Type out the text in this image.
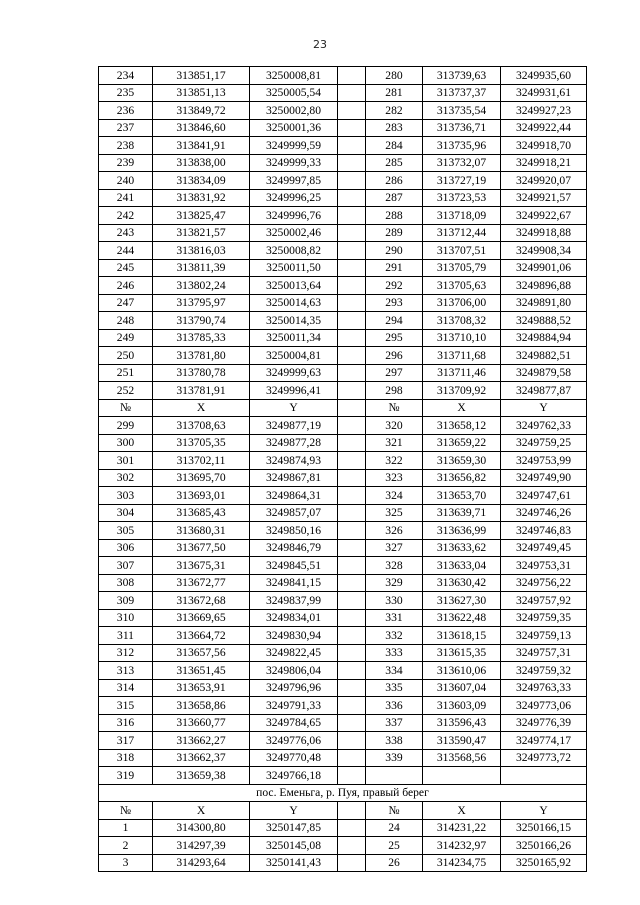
23
234	313851,17	3250008,81		280	313739,63	3249935,60
235	313851,13	3250005,54		281	313737,37	3249931,61
236	313849,72	3250002,80		282	313735,54	3249927,23
237	313846,60	3250001,36		283	313736,71	3249922,44
238	313841,91	3249999,59		284	313735,96	3249918,70
239	313838,00	3249999,33		285	313732,07	3249918,21
240	313834,09	3249997,85		286	313727,19	3249920,07
241	313831,92	3249996,25		287	313723,53	3249921,57
242	313825,47	3249996,76		288	313718,09	3249922,67
243	313821,57	3250002,46		289	313712,44	3249918,88
244	313816,03	3250008,82		290	313707,51	3249908,34
245	313811,39	3250011,50		291	313705,79	3249901,06
246	313802,24	3250013,64		292	313705,63	3249896,88
247	313795,97	3250014,63		293	313706,00	3249891,80
248	313790,74	3250014,35		294	313708,32	3249888,52
249	313785,33	3250011,34		295	313710,10	3249884,94
250	313781,80	3250004,81		296	313711,68	3249882,51
251	313780,78	3249999,63		297	313711,46	3249879,58
252	313781,91	3249996,41		298	313709,92	3249877,87
№	X	Y		№	X	Y
299	313708,63	3249877,19		320	313658,12	3249762,33
300	313705,35	3249877,28		321	313659,22	3249759,25
301	313702,11	3249874,93		322	313659,30	3249753,99
302	313695,70	3249867,81		323	313656,82	3249749,90
303	313693,01	3249864,31		324	313653,70	3249747,61
304	313685,43	3249857,07		325	313639,71	3249746,26
305	313680,31	3249850,16		326	313636,99	3249746,83
306	313677,50	3249846,79		327	313633,62	3249749,45
307	313675,31	3249845,51		328	313633,04	3249753,31
308	313672,77	3249841,15		329	313630,42	3249756,22
309	313672,68	3249837,99		330	313627,30	3249757,92
310	313669,65	3249834,01		331	313622,48	3249759,35
311	313664,72	3249830,94		332	313618,15	3249759,13
312	313657,56	3249822,45		333	313615,35	3249757,31
313	313651,45	3249806,04		334	313610,06	3249759,32
314	313653,91	3249796,96		335	313607,04	3249763,33
315	313658,86	3249791,33		336	313603,09	3249773,06
316	313660,77	3249784,65		337	313596,43	3249776,39
317	313662,27	3249776,06		338	313590,47	3249774,17
318	313662,37	3249770,48		339	313568,56	3249773,72
319	313659,38	3249766,18				
пос. Еменьга, р. Пуя, правый берег						
№	X	Y		№	X	Y
1	314300,80	3250147,85		24	314231,22	3250166,15
2	314297,39	3250145,08		25	314232,97	3250166,26
3	314293,64	3250141,43		26	314234,75	3250165,92
